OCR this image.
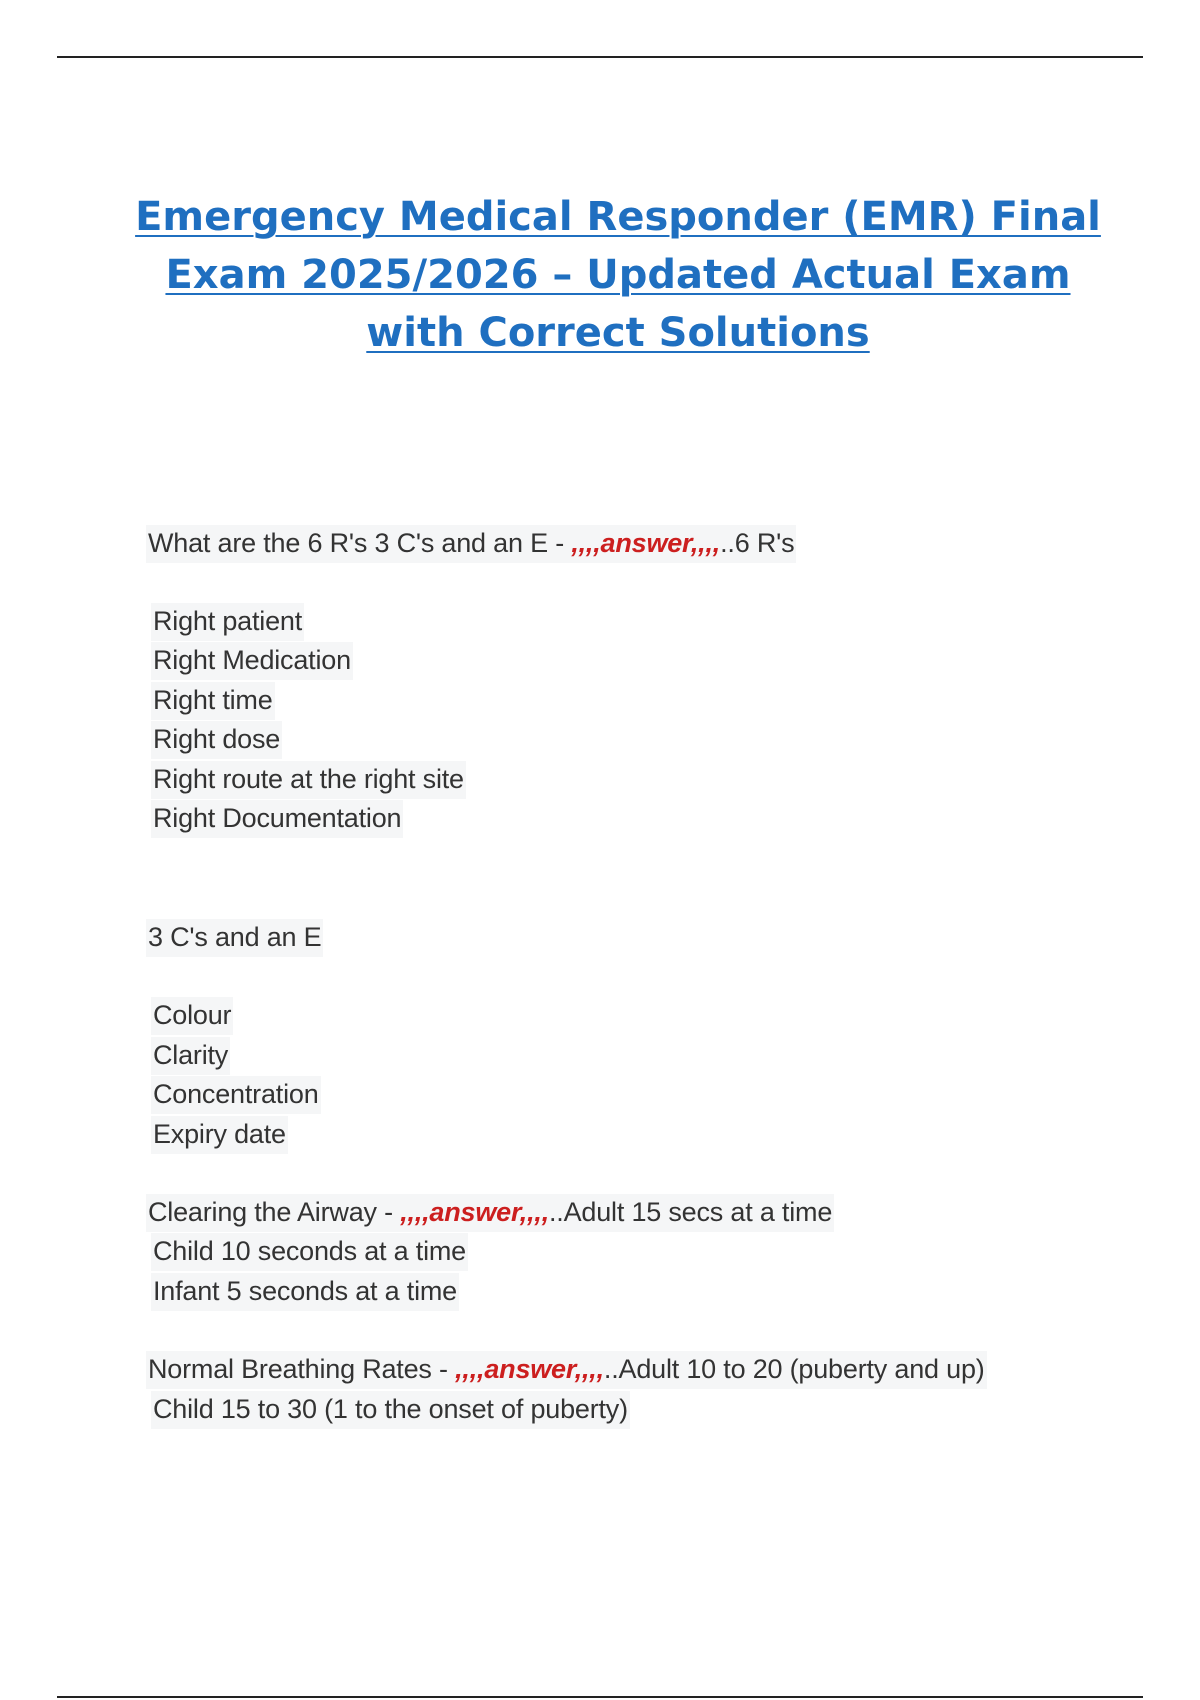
Emergency Medical Responder (EMR) Final Exam 2025/2026 – Updated Actual Exam with Correct Solutions
What are the 6 R's 3 C's and an E - ,,,,answer,,,,..6 R's
Right patient
Right Medication
Right time
Right dose
Right route at the right site
Right Documentation
3 C's and an E
Colour
Clarity
Concentration
Expiry date
Clearing the Airway - ,,,,answer,,,,..Adult 15 secs at a time
Child 10 seconds at a time
Infant 5 seconds at a time
Normal Breathing Rates - ,,,,answer,,,,..Adult 10 to 20 (puberty and up)
Child 15 to 30 (1 to the onset of puberty)
